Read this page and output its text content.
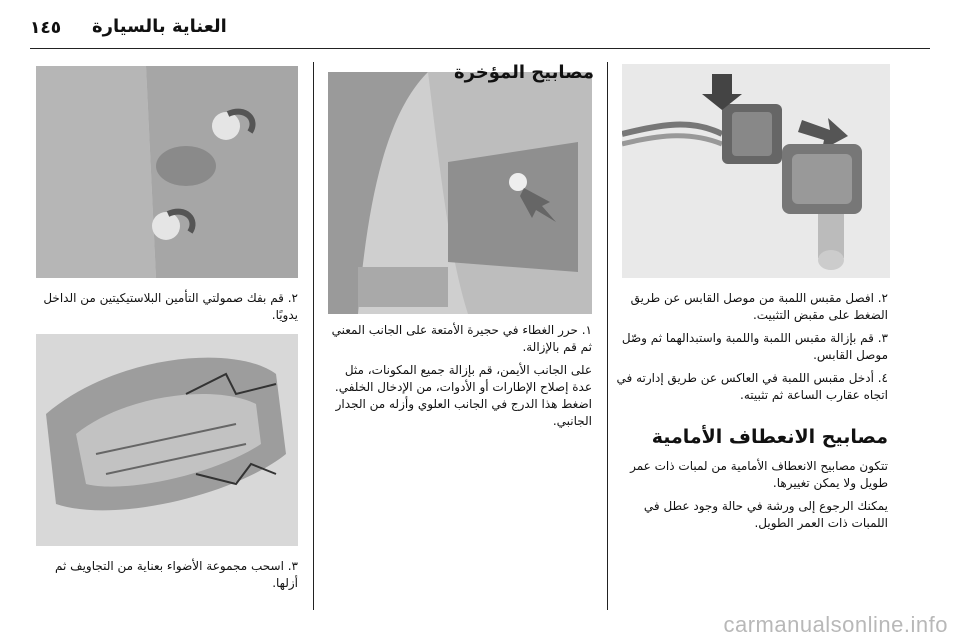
١٤٥ العناية بالسيارة

٢. افصل مقبس اللمبة من موصل القابس عن طريق الضغط على مقبض التثبيت.

٣. قم بإزالة مقبس اللمبة واللمبة واستبدالهما ثم وصّل موصل القابس.

٤. أدخل مقبس اللمبة في العاكس عن طريق إدارته في اتجاه عقارب الساعة ثم تثبيته.

مصابيح الانعطاف الأمامية

تتكون مصابيح الانعطاف الأمامية من لمبات ذات عمر طويل ولا يمكن تغييرها.

يمكنك الرجوع إلى ورشة في حالة وجود عطل في اللمبات ذات العمر الطويل.

مصابيح المؤخرة

١. حرر الغطاء في حجيرة الأمتعة على الجانب المعني ثم قم بالإزالة.

على الجانب الأيمن، قم بإزالة جميع المكونات، مثل عدة إصلاح الإطارات أو الأدوات، من الإدخال الخلفي. اضغط هذا الدرج في الجانب العلوي وأزله من الجدار الجانبي.

٢. قم بفك صمولتي التأمين البلاستيكيتين من الداخل يدويًا.

٣. اسحب مجموعة الأضواء بعناية من التجاويف ثم أزلها.

carmanualsonline.info
